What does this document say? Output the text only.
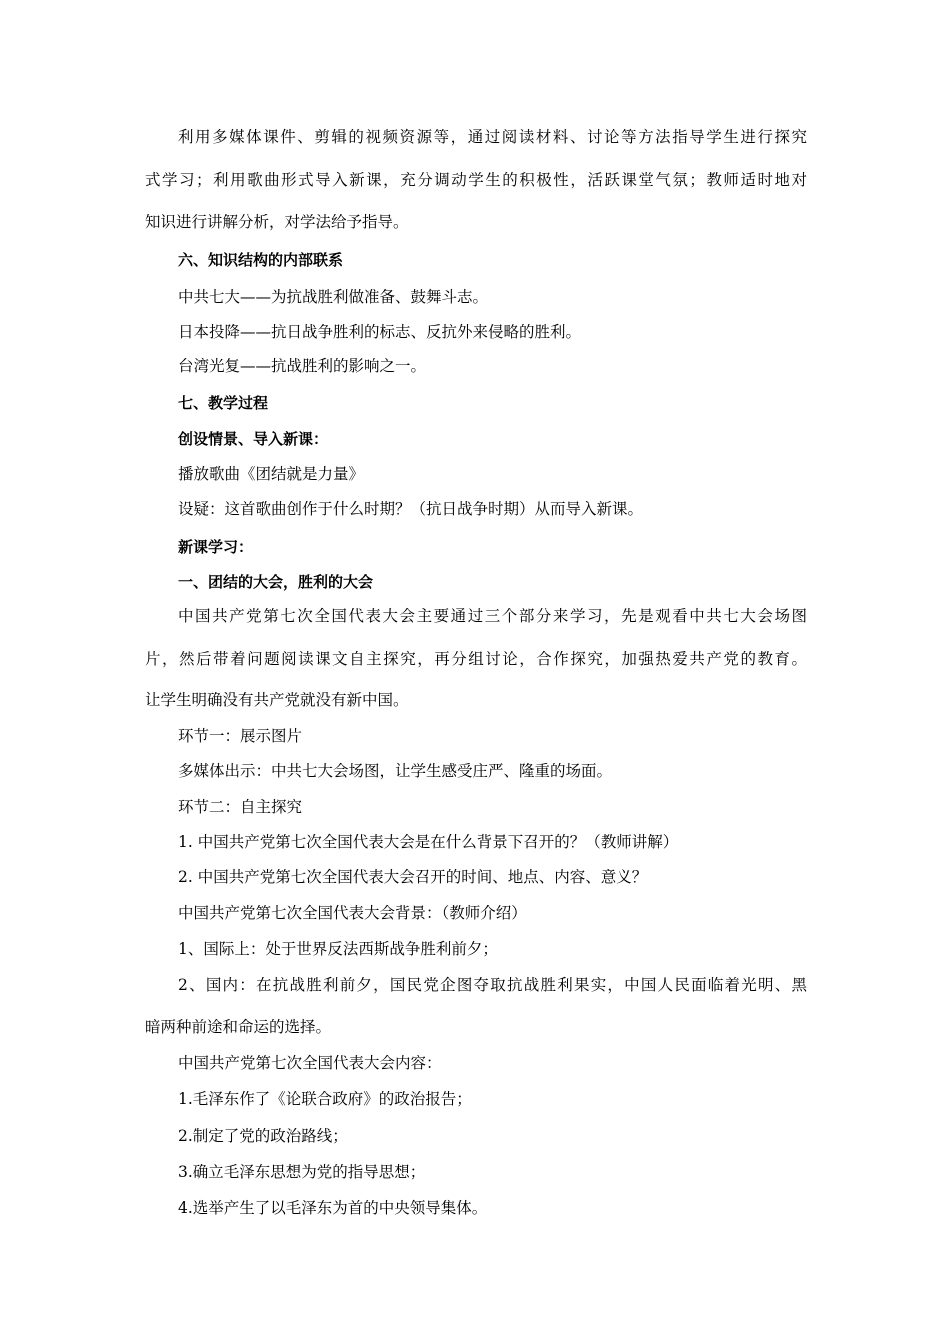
利用多媒体课件、剪辑的视频资源等，通过阅读材料、讨论等方法指导学生进行探究
式学习；利用歌曲形式导入新课，充分调动学生的积极性，活跃课堂气氛；教师适时地对
知识进行讲解分析，对学法给予指导。
六、知识结构的内部联系
中共七大——为抗战胜利做准备、鼓舞斗志。
日本投降——抗日战争胜利的标志、反抗外来侵略的胜利。
台湾光复——抗战胜利的影响之一。
七、教学过程
创设情景、导入新课：
播放歌曲《团结就是力量》
设疑：这首歌曲创作于什么时期？（抗日战争时期）从而导入新课。
新课学习：
一、团结的大会，胜利的大会
中国共产党第七次全国代表大会主要通过三个部分来学习，先是观看中共七大会场图
片，然后带着问题阅读课文自主探究，再分组讨论，合作探究，加强热爱共产党的教育。
让学生明确没有共产党就没有新中国。
环节一：展示图片
多媒体出示：中共七大会场图，让学生感受庄严、隆重的场面。
环节二：自主探究
1. 中国共产党第七次全国代表大会是在什么背景下召开的？（教师讲解）
2. 中国共产党第七次全国代表大会召开的时间、地点、内容、意义？
中国共产党第七次全国代表大会背景：（教师介绍）
1、国际上：处于世界反法西斯战争胜利前夕；
2、国内：在抗战胜利前夕，国民党企图夺取抗战胜利果实，中国人民面临着光明、黑
暗两种前途和命运的选择。
中国共产党第七次全国代表大会内容：
1.毛泽东作了《论联合政府》的政治报告；
2.制定了党的政治路线；
3.确立毛泽东思想为党的指导思想；
4.选举产生了以毛泽东为首的中央领导集体。
